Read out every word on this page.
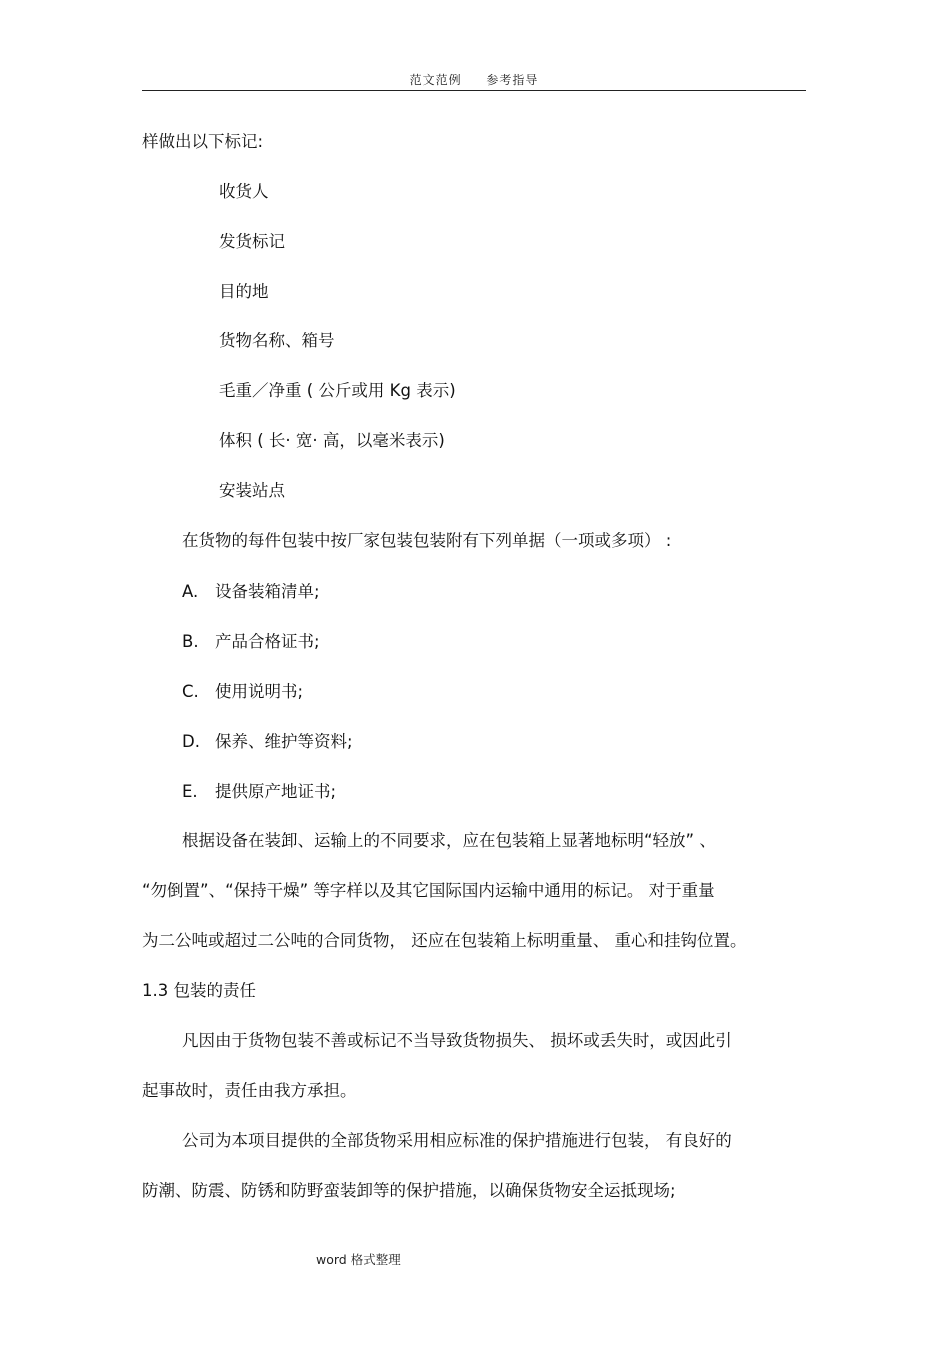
范文范例 参考指导
样做出以下标记:
收货人
发货标记
目的地
货物名称、箱号
毛重／净重 ( 公斤或用 Kg 表示)
体积 ( 长· 宽· 高，以毫米表示)
安装站点
在货物的每件包装中按厂家包装包装附有下列单据（一项或多项） :
A. 设备装箱清单;
B. 产品合格证书;
C. 使用说明书;
D. 保养、维护等资料;
E. 提供原产地证书;
根据设备在装卸、运输上的不同要求，应在包装箱上显著地标明“轻放” 、
“勿倒置”、“保持干燥” 等字样以及其它国际国内运输中通用的标记。 对于重量
为二公吨或超过二公吨的合同货物， 还应在包装箱上标明重量、 重心和挂钩位置。
1.3 包装的责任
凡因由于货物包装不善或标记不当导致货物损失、 损坏或丢失时，或因此引
起事故时，责任由我方承担。
公司为本项目提供的全部货物采用相应标准的保护措施进行包装， 有良好的
防潮、防震、防锈和防野蛮装卸等的保护措施，以确保货物安全运抵现场;
word 格式整理
